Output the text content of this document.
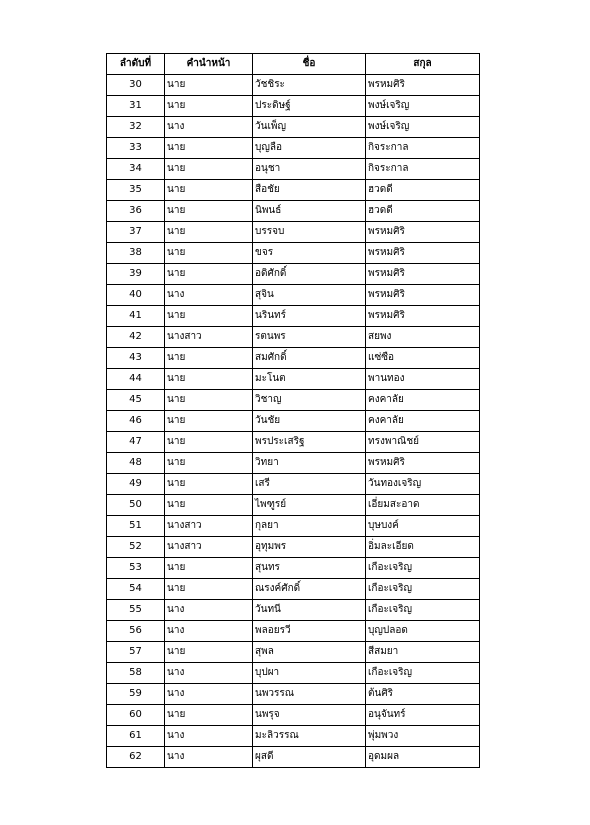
ลำดับที่	คำนำหน้า	ชื่อ	สกุล
30	นาย	วัชชิระ	พรหมศิริ
31	นาย	ประดิษฐ์	พงษ์เจริญ
32	นาง	วันเพ็ญ	พงษ์เจริญ
33	นาย	บุญลือ	กิจระกาล
34	นาย	อนุชา	กิจระกาล
35	นาย	สือชัย	ฮวดดี
36	นาย	นิพนธ์	ฮวดดี
37	นาย	บรรจบ	พรหมศิริ
38	นาย	ขจร	พรหมศิริ
39	นาย	อดิศักดิ์	พรหมศิริ
40	นาง	สุจิน	พรหมศิริ
41	นาย	นรินทร์	พรหมศิริ
42	นางสาว	รตนพร	สยพง
43	นาย	สมศักดิ์	แซ่ซือ
44	นาย	มะโนต	พานทอง
45	นาย	วิชาญ	คงคาลัย
46	นาย	วันชัย	คงคาลัย
47	นาย	พรประเสริฐ	ทรงพาณิชย์
48	นาย	วิทยา	พรหมศิริ
49	นาย	เสรี	วันทองเจริญ
50	นาย	ไพฑูรย์	เอี่ยมสะอาด
51	นางสาว	กุลยา	บุษบงค์
52	นางสาว	อุทุมพร	อิ่มละเอียด
53	นาย	สุนทร	เกือะเจริญ
54	นาย	ณรงค์ศักดิ์	เกือะเจริญ
55	นาง	วันทนี	เกือะเจริญ
56	นาง	พลอยรวี	บุญปลอด
57	นาย	สุพล	สีสมยา
58	นาง	บุปผา	เกือะเจริญ
59	นาง	นพวรรณ	ต้นศิริ
60	นาย	นพรุจ	อนุจันทร์
61	นาง	มะลิวรรณ	พุ่มพวง
62	นาง	ผุสดี	อุดมผล
